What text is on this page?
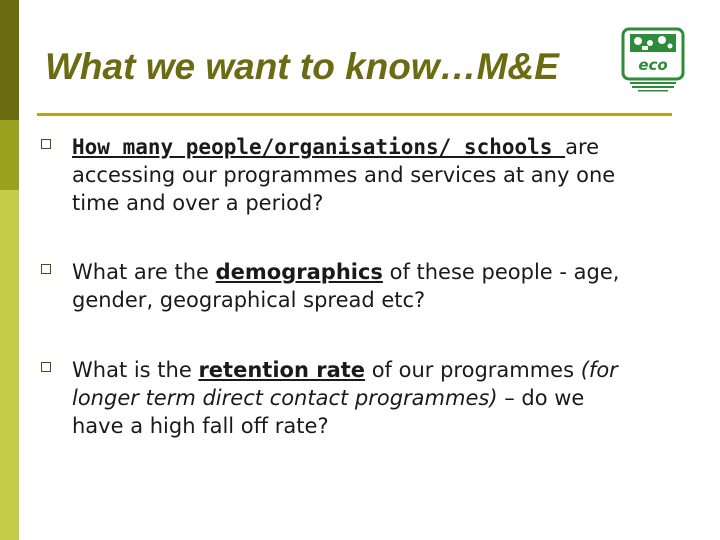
What we want to know…M&E	eco
How many people/organisations/ schools are accessing our programmes and services at any one time and over a period?
What are the demographics of these people - age, gender, geographical spread etc?
What is the retention rate of our programmes (for longer term direct contact programmes) – do we have a high fall off rate?
